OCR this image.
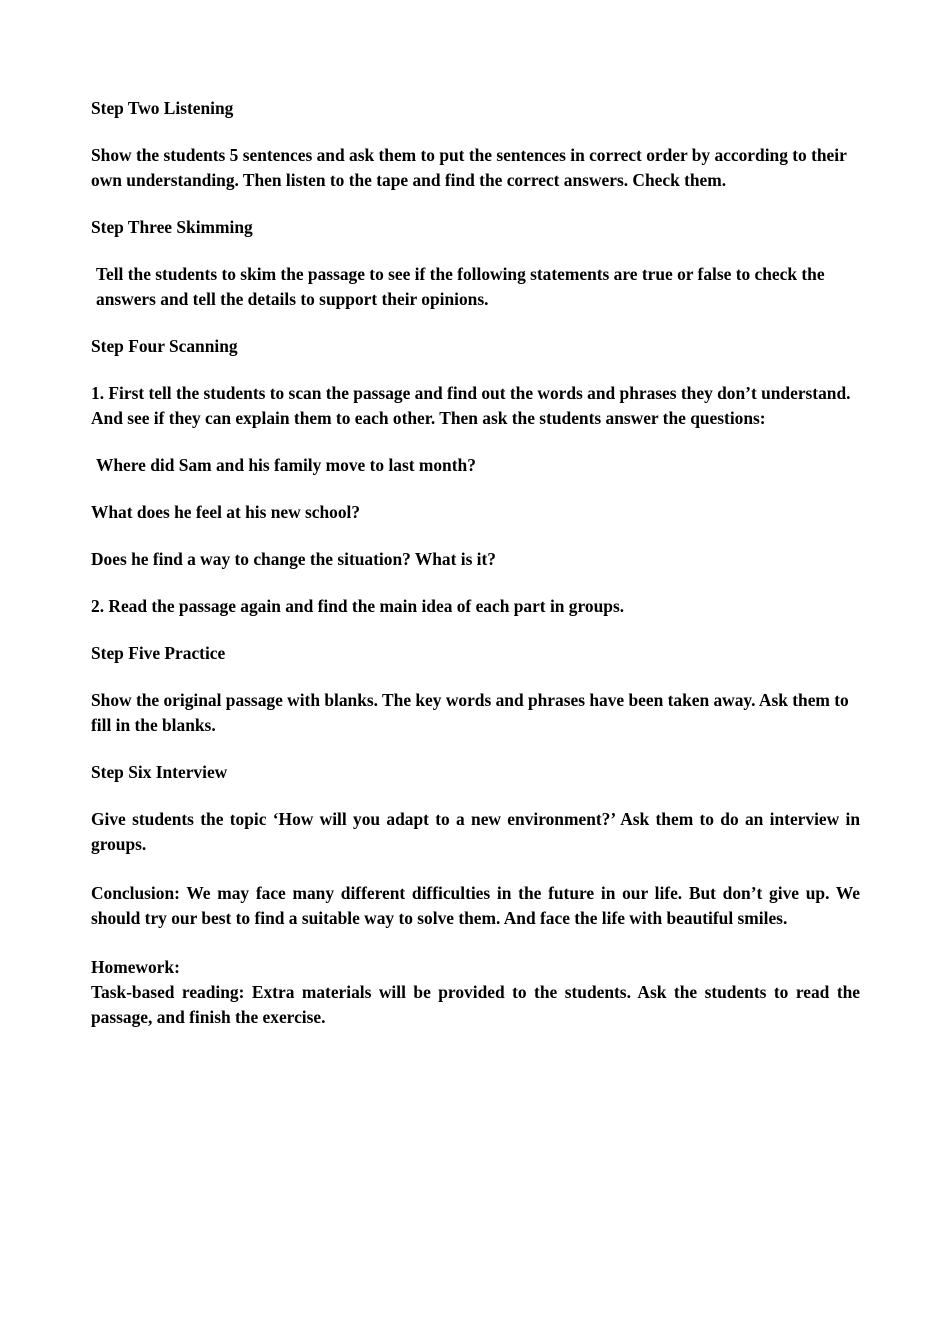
Step Two Listening

Show the students 5 sentences and ask them to put the sentences in correct order by according to their own understanding. Then listen to the tape and find the correct answers. Check them.

Step Three Skimming

Tell the students to skim the passage to see if the following statements are true or false to check the answers and tell the details to support their opinions.

Step Four Scanning

1. First tell the students to scan the passage and find out the words and phrases they don’t understand. And see if they can explain them to each other. Then ask the students answer the questions:

Where did Sam and his family move to last month?

What does he feel at his new school?

Does he find a way to change the situation? What is it?

2. Read the passage again and find the main idea of each part in groups.

Step Five Practice

Show the original passage with blanks. The key words and phrases have been taken away. Ask them to fill in the blanks.

Step Six Interview

Give students the topic ‘How will you adapt to a new environment?’ Ask them to do an interview in groups.

Conclusion: We may face many different difficulties in the future in our life. But don’t give up. We should try our best to find a suitable way to solve them. And face the life with beautiful smiles.

Homework:

Task-based reading: Extra materials will be provided to the students. Ask the students to read the passage, and finish the exercise.
